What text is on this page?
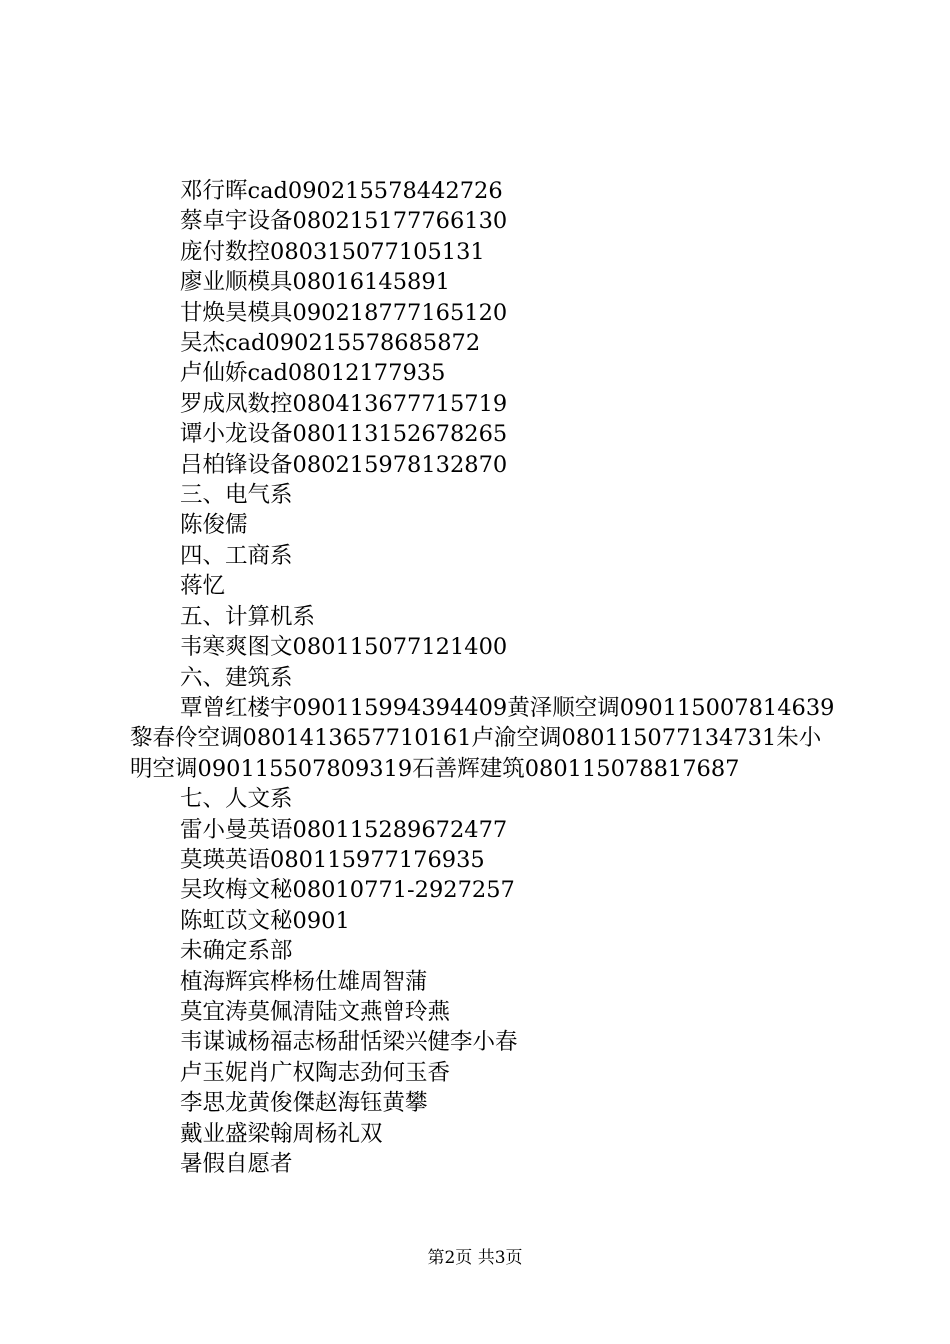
邓行晖cad090215578442726
蔡卓宇设备080215177766130
庞付数控080315077105131
廖业顺模具08016145891
甘焕昊模具090218777165120
吴杰cad090215578685872
卢仙娇cad08012177935
罗成凤数控080413677715719
谭小龙设备080113152678265
吕柏锋设备080215978132870
三、电气系
陈俊儒
四、工商系
蒋忆
五、计算机系
韦寒爽图文080115077121400
六、建筑系
覃曾红楼宇090115994394409黄泽顺空调090115007814639黎春伶空调0801413657710161卢渝空调080115077134731朱小明空调090115507809319石善辉建筑080115078817687
七、人文系
雷小曼英语080115289672477
莫瑛英语080115977176935
吴玫梅文秘08010771-2927257
陈虹苡文秘0901
未确定系部
植海辉宾桦杨仕雄周智蒲
莫宜涛莫佩清陆文燕曾玲燕
韦谋诚杨福志杨甜恬梁兴健李小春
卢玉妮肖广权陶志劲何玉香
李思龙黄俊傑赵海钰黄攀
戴业盛梁翰周杨礼双
暑假自愿者
第2页 共3页
